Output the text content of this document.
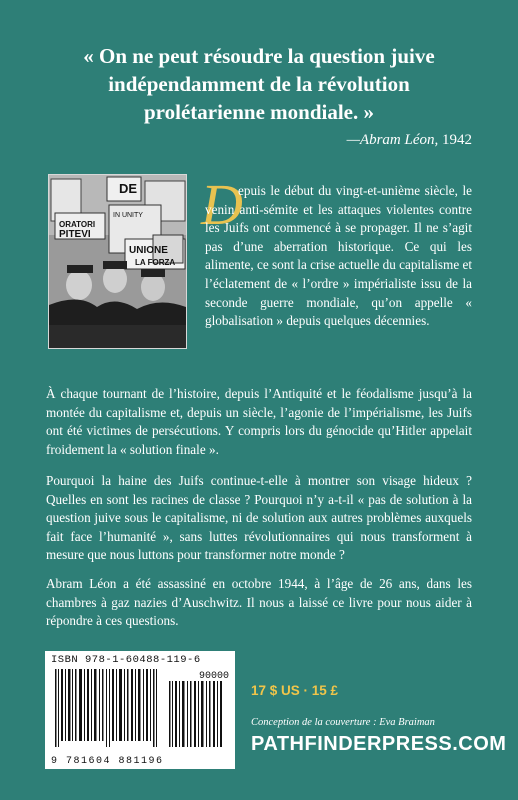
« On ne peut résoudre la question juive
indépendamment de la révolution
prolétarienne mondiale. »
—Abram Léon, 1942
DE
ORATORI
PITEVI
IN UNITY
UNIONE
LA FORZA
D

epuis le début du vingt-et-unième siècle, le venin anti-sémite et les attaques violentes contre les Juifs ont commencé à se propager. Il ne s’agit pas d’une aberration historique. Ce qui les alimente, ce sont la crise actuelle du capitalisme et l’éclatement de « l’ordre » impérialiste issu de la seconde guerre mondiale, qu’on appelle « globalisation » depuis quelques décennies.

À chaque tournant de l’histoire, depuis l’Antiquité et le féodalisme jusqu’à la montée du capitalisme et, depuis un siècle, l’agonie de l’impérialisme, les Juifs ont été victimes de persécutions. Y compris lors du génocide qu’Hitler appelait froidement la « solution finale ».

Pourquoi la haine des Juifs continue-t-elle à montrer son visage hideux ? Quelles en sont les racines de classe ? Pourquoi n’y a-t-il « pas de solution à la question juive sous le capitalisme, ni de solution aux autres problèmes auxquels fait face l’humanité », sans luttes révolutionnaires qui nous transforment à mesure que nous luttons pour transformer notre monde ?

Abram Léon a été assassiné en octobre 1944, à l’âge de 26 ans, dans les chambres à gaz nazies d’Auschwitz. Il nous a laissé ce livre pour nous aider à répondre à ces questions.

ISBN 978-1-60488-119-6
90000
9 781604 881196
17 $ US · 15 £
Conception de la couverture : Eva Braiman
PATHFINDERPRESS.COM
